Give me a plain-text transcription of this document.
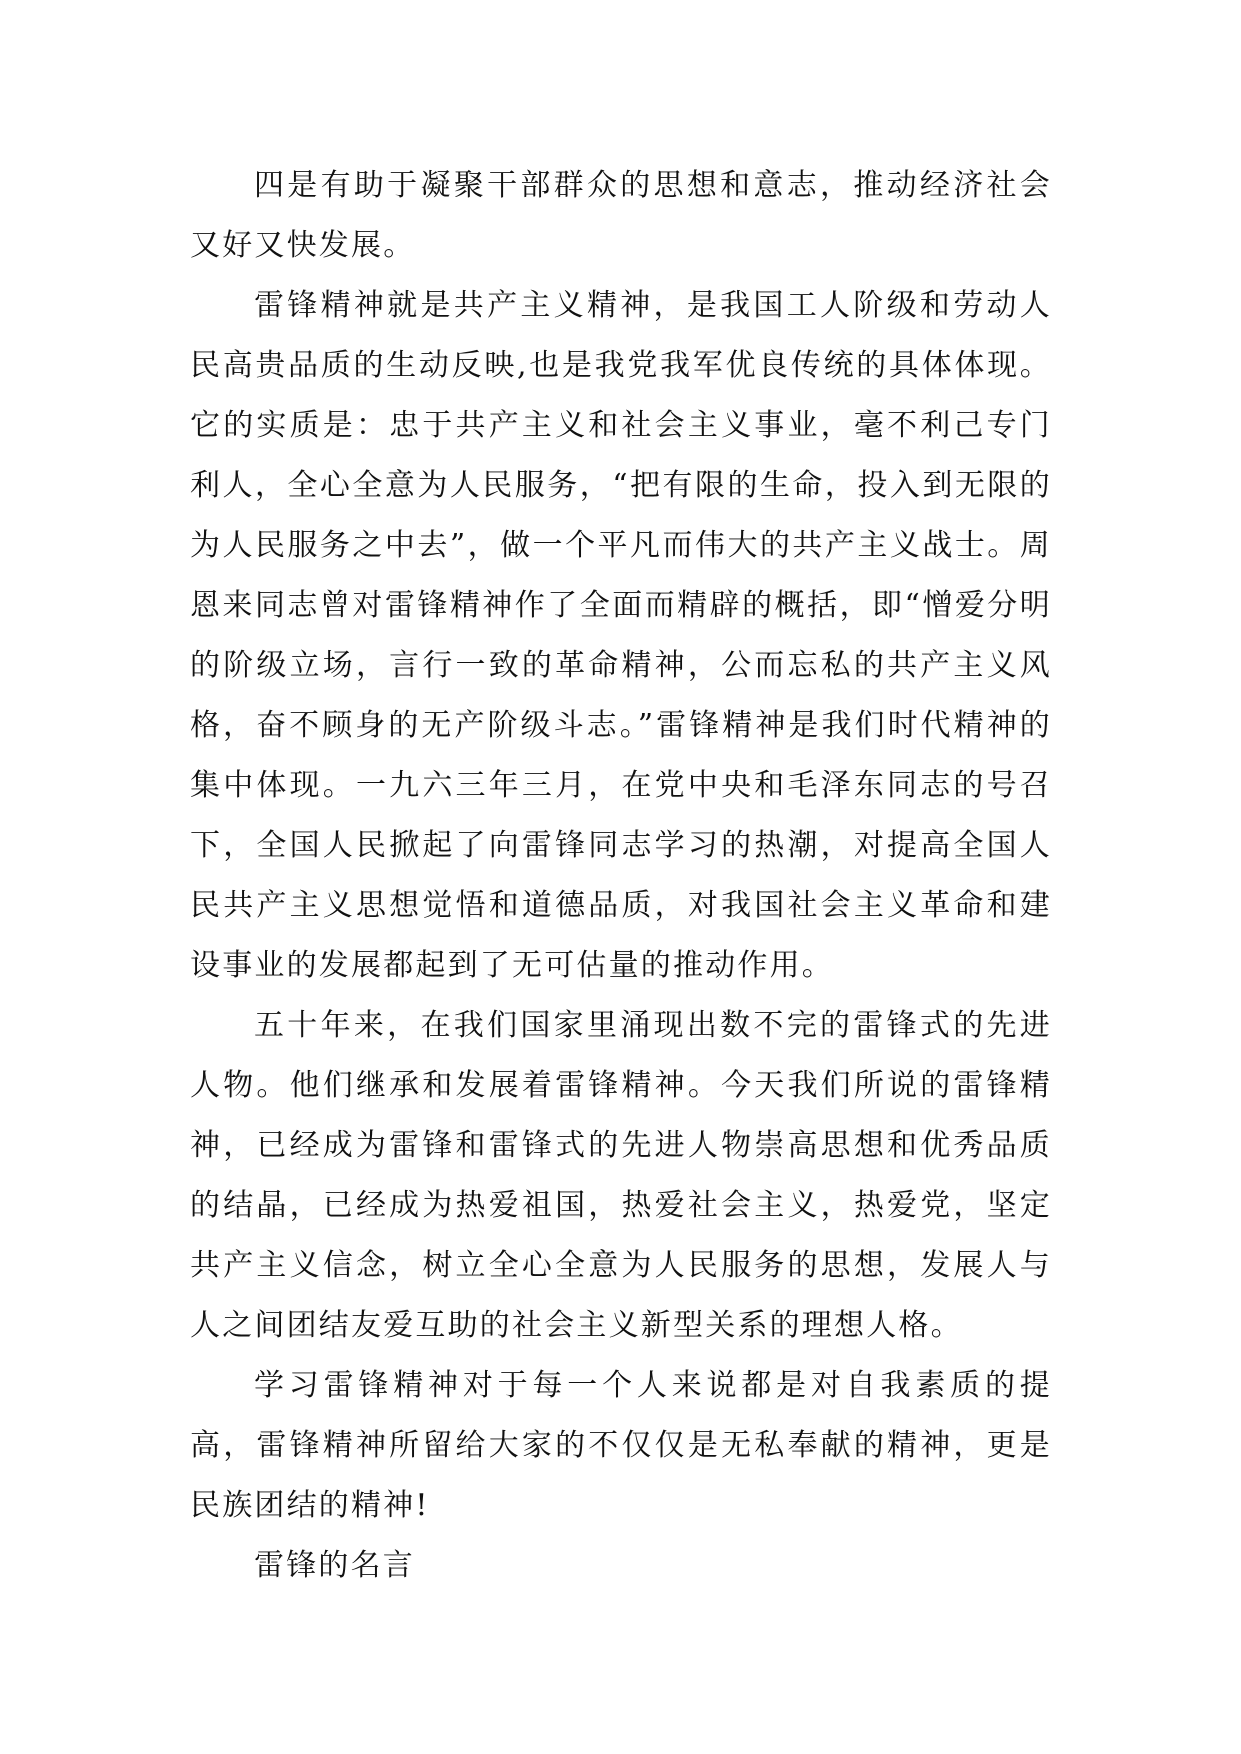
四是有助于凝聚干部群众的思想和意志，推动经济社会又好又快发展。

雷锋精神就是共产主义精神，是我国工人阶级和劳动人民高贵品质的生动反映,也是我党我军优良传统的具体体现。它的实质是：忠于共产主义和社会主义事业，毫不利己专门利人，全心全意为人民服务，“把有限的生命，投入到无限的为人民服务之中去”，做一个平凡而伟大的共产主义战士。周恩来同志曾对雷锋精神作了全面而精辟的概括，即“憎爱分明的阶级立场，言行一致的革命精神，公而忘私的共产主义风格，奋不顾身的无产阶级斗志。”雷锋精神是我们时代精神的集中体现。一九六三年三月，在党中央和毛泽东同志的号召下，全国人民掀起了向雷锋同志学习的热潮，对提高全国人民共产主义思想觉悟和道德品质，对我国社会主义革命和建设事业的发展都起到了无可估量的推动作用。

五十年来，在我们国家里涌现出数不完的雷锋式的先进人物。他们继承和发展着雷锋精神。今天我们所说的雷锋精神，已经成为雷锋和雷锋式的先进人物崇高思想和优秀品质的结晶，已经成为热爱祖国，热爱社会主义，热爱党，坚定共产主义信念，树立全心全意为人民服务的思想，发展人与人之间团结友爱互助的社会主义新型关系的理想人格。

学习雷锋精神对于每一个人来说都是对自我素质的提高，雷锋精神所留给大家的不仅仅是无私奉献的精神，更是民族团结的精神!

雷锋的名言
